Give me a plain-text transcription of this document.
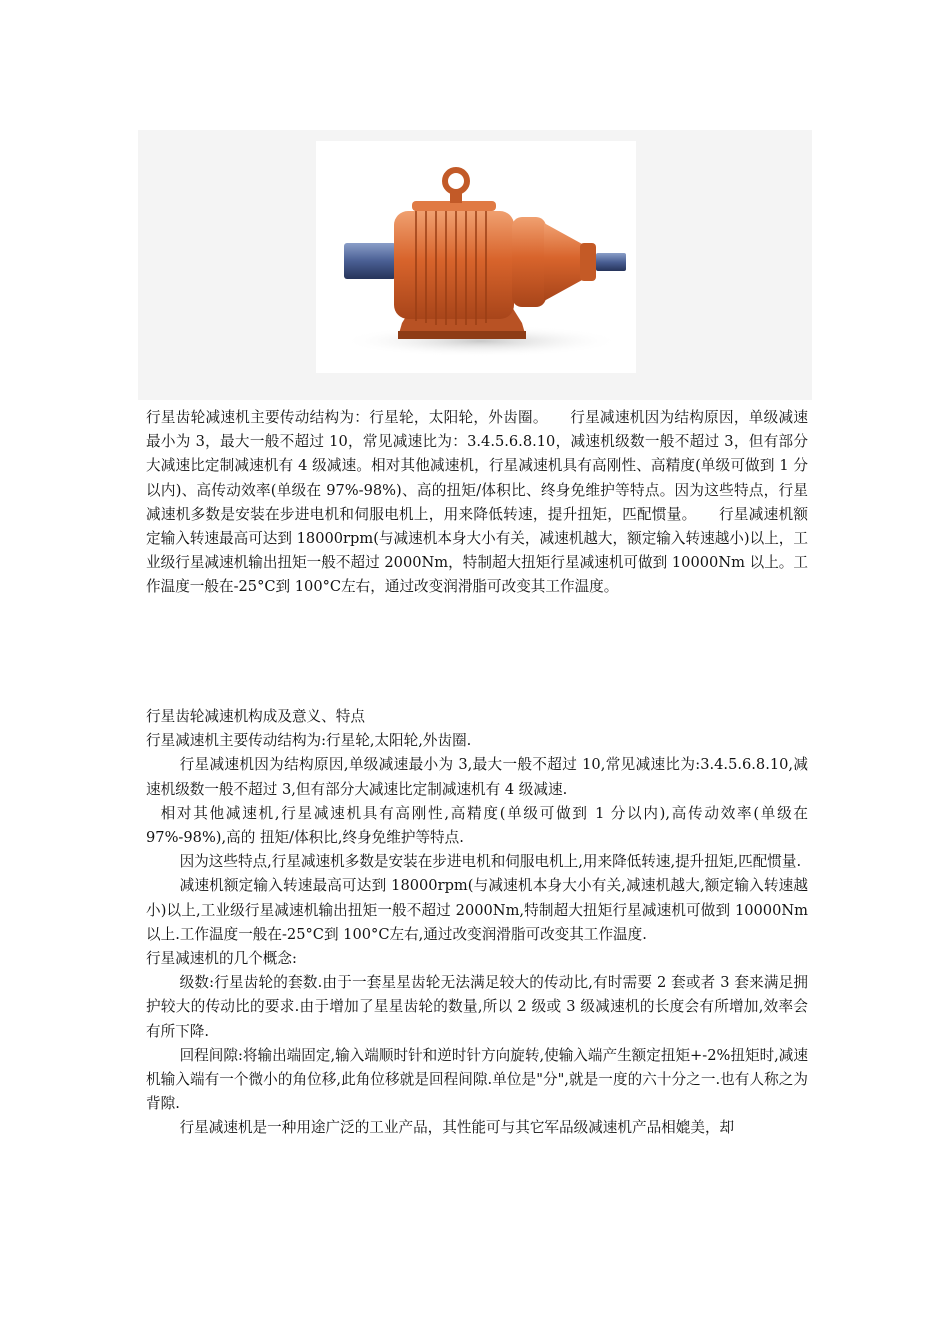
行星齿轮减速机主要传动结构为：行星轮，太阳轮，外齿圈。　　行星减速机因为结构原因，单级减速最小为 3，最大一般不超过 10，常见减速比为：3.4.5.6.8.10，减速机级数一般不超过 3，但有部分大减速比定制减速机有 4 级减速。相对其他减速机，行星减速机具有高刚性、高精度(单级可做到 1 分以内)、高传动效率(单级在 97%-98%)、高的扭矩/体积比、终身免维护等特点。因为这些特点，行星减速机多数是安装在步进电机和伺服电机上，用来降低转速，提升扭矩，匹配惯量。　　行星减速机额定输入转速最高可达到 18000rpm(与减速机本身大小有关，减速机越大，额定输入转速越小)以上，工业级行星减速机输出扭矩一般不超过 2000Nm，特制超大扭矩行星减速机可做到 10000Nm 以上。工作温度一般在-25°C到 100°C左右，通过改变润滑脂可改变其工作温度。

行星齿轮减速机构成及意义、特点

行星减速机主要传动结构为:行星轮,太阳轮,外齿圈.

行星减速机因为结构原因,单级减速最小为 3,最大一般不超过 10,常见减速比为:3.4.5.6.8.10,减速机级数一般不超过 3,但有部分大减速比定制减速机有 4 级减速.

相对其他减速机,行星减速机具有高刚性,高精度(单级可做到 1 分以内),高传动效率(单级在 97%-98%),高的 扭矩/体积比,终身免维护等特点.

因为这些特点,行星减速机多数是安装在步进电机和伺服电机上,用来降低转速,提升扭矩,匹配惯量.

减速机额定输入转速最高可达到 18000rpm(与减速机本身大小有关,减速机越大,额定输入转速越小)以上,工业级行星减速机输出扭矩一般不超过 2000Nm,特制超大扭矩行星减速机可做到 10000Nm 以上.工作温度一般在-25°C到 100°C左右,通过改变润滑脂可改变其工作温度.

行星减速机的几个概念:

级数:行星齿轮的套数.由于一套星星齿轮无法满足较大的传动比,有时需要 2 套或者 3 套来满足拥护较大的传动比的要求.由于增加了星星齿轮的数量,所以 2 级或 3 级减速机的长度会有所增加,效率会有所下降.

回程间隙:将输出端固定,输入端顺时针和逆时针方向旋转,使输入端产生额定扭矩+-2%扭矩时,减速机输入端有一个微小的角位移,此角位移就是回程间隙.单位是"分",就是一度的六十分之一.也有人称之为背隙.

行星减速机是一种用途广泛的工业产品，其性能可与其它军品级减速机产品相媲美，却
